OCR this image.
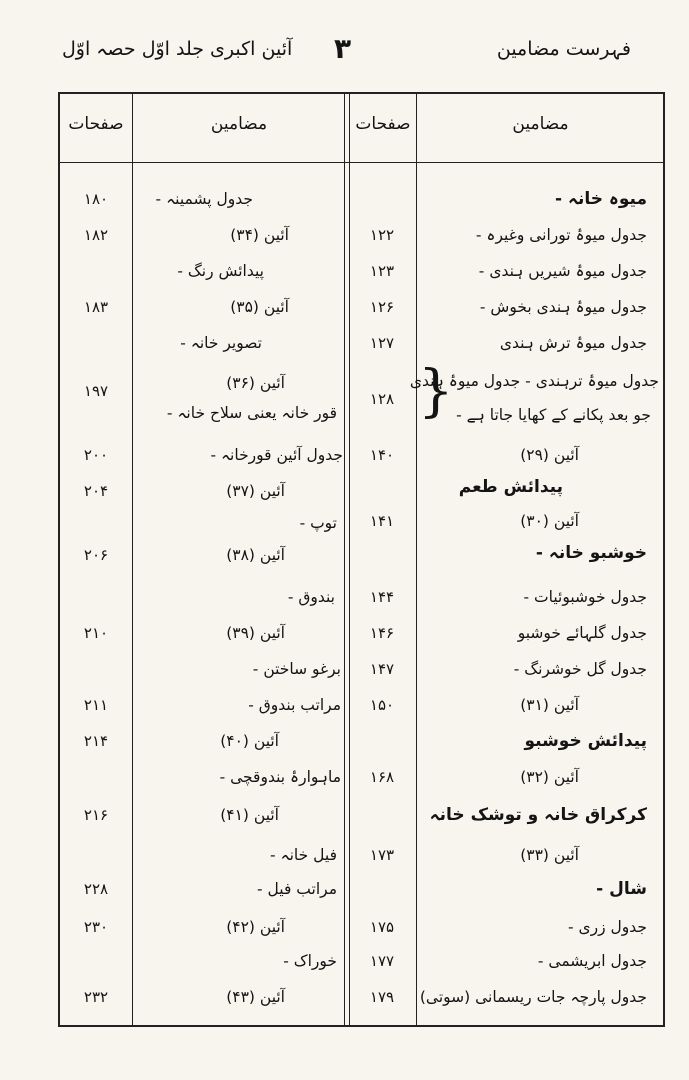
فہرست مضامین
۳
آئین اکبری جلد اوّل حصہ اوّل
مضامین
صفحات
مضامین
صفحات
میوہ خانہ -
جدول میوۂ تورانی وغیرہ -
جدول میوۂ شیریں ہندی -
جدول میوۂ ہندی بخوش -
جدول میوۂ ترش ہندی
جدول میوۂ ترہندی - جدول میوۂ ہندی
جو بعد پکانے کے کھایا جاتا ہے -
}
آئین (۲۹)
پیدائش طعم
آئین (۳۰)
خوشبو خانہ -
جدول خوشبوئیات -
جدول گلہائے خوشبو
جدول گل خوشرنگ -
آئین (۳۱)
پیدائش خوشبو
آئین (۳۲)
کرکراق خانہ و توشک خانہ
آئین (۳۳)
شال -
جدول زری -
جدول ابریشمی -
جدول پارچہ جات ریسمانی (سوتی)
۱۲۲
۱۲۳
۱۲۶
۱۲۷
۱۲۸
۱۴۰
۱۴۱
۱۴۴
۱۴۶
۱۴۷
۱۵۰
۱۶۸
۱۷۳
۱۷۵
۱۷۷
۱۷۹
جدول پشمینہ -
آئین (۳۴)
پیدائش رنگ -
آئین (۳۵)
تصویر خانہ -
آئین (۳۶)
قور خانہ یعنی سلاح خانہ -
جدول آئین قورخانہ -
آئین (۳۷)
توپ -
آئین (۳۸)
بندوق -
آئین (۳۹)
برغو ساختن -
مراتب بندوق -
آئین (۴۰)
ماہوارۂ بندوقچی -
آئین (۴۱)
فیل خانہ -
مراتب فیل -
آئین (۴۲)
خوراک -
آئین (۴۳)
۱۸۰
۱۸۲
۱۸۳
۱۹۷
۲۰۰
۲۰۴
۲۰۶
۲۱۰
۲۱۱
۲۱۴
۲۱۶
۲۲۸
۲۳۰
۲۳۲
